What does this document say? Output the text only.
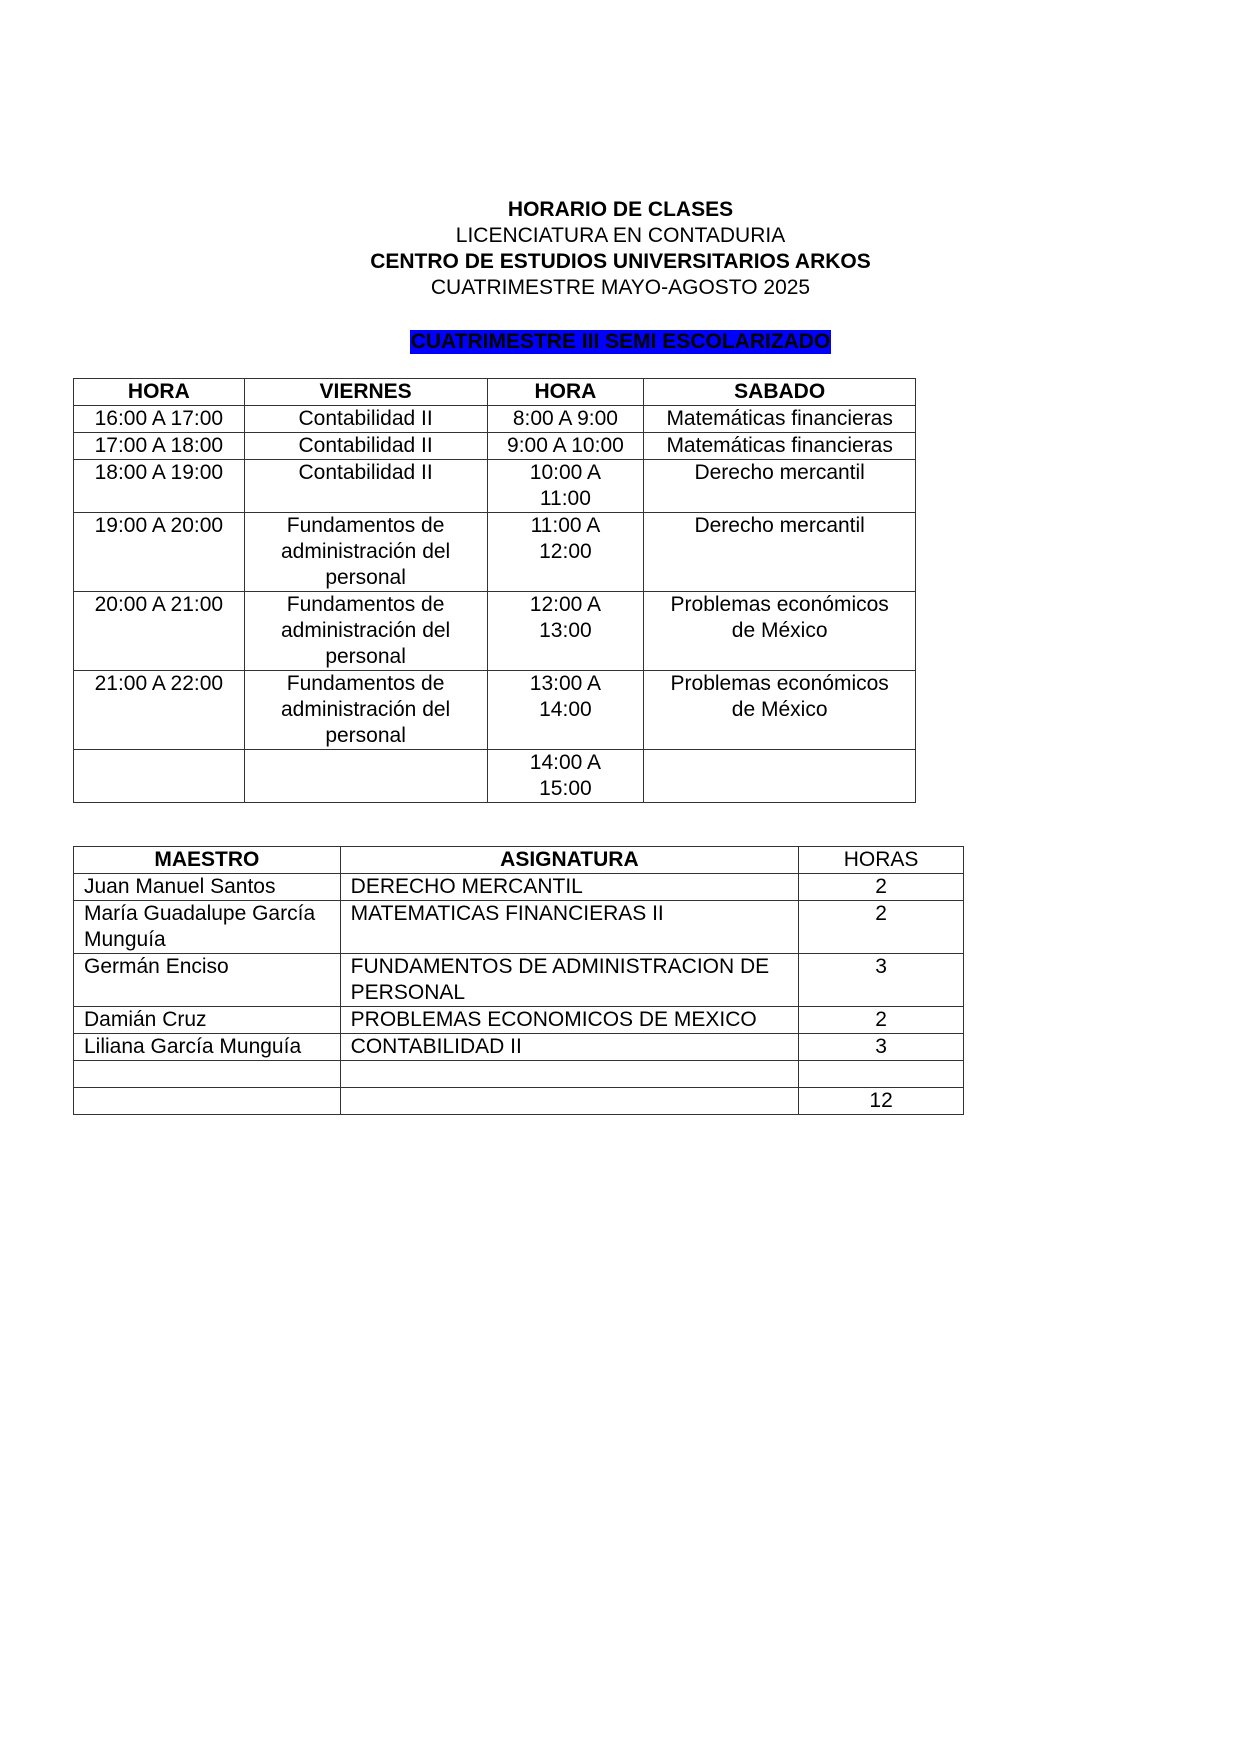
HORARIO DE CLASES
LICENCIATURA EN CONTADURIA
CENTRO DE ESTUDIOS UNIVERSITARIOS ARKOS
CUATRIMESTRE MAYO-AGOSTO 2025
CUATRIMESTRE III SEMI ESCOLARIZADO
HORA	VIERNES	HORA	SABADO
16:00 A 17:00	Contabilidad II	8:00 A 9:00	Matemáticas financieras
17:00 A 18:00	Contabilidad II	9:00 A 10:00	Matemáticas financieras
18:00 A 19:00	Contabilidad II	10:00 A 11:00	Derecho mercantil
19:00 A 20:00	Fundamentos de administración del personal	11:00 A 12:00	Derecho mercantil
20:00 A 21:00	Fundamentos de administración del personal	12:00 A 13:00	Problemas económicos de México
21:00 A 22:00	Fundamentos de administración del personal	13:00 A 14:00	Problemas económicos de México
		14:00 A 15:00	
MAESTRO	ASIGNATURA	HORAS
Juan Manuel Santos	DERECHO MERCANTIL	2
María Guadalupe García Munguía	MATEMATICAS FINANCIERAS II	2
Germán Enciso	FUNDAMENTOS DE ADMINISTRACION DE PERSONAL	3
Damián Cruz	PROBLEMAS ECONOMICOS DE MEXICO	2
Liliana García Munguía	CONTABILIDAD II	3

		12
